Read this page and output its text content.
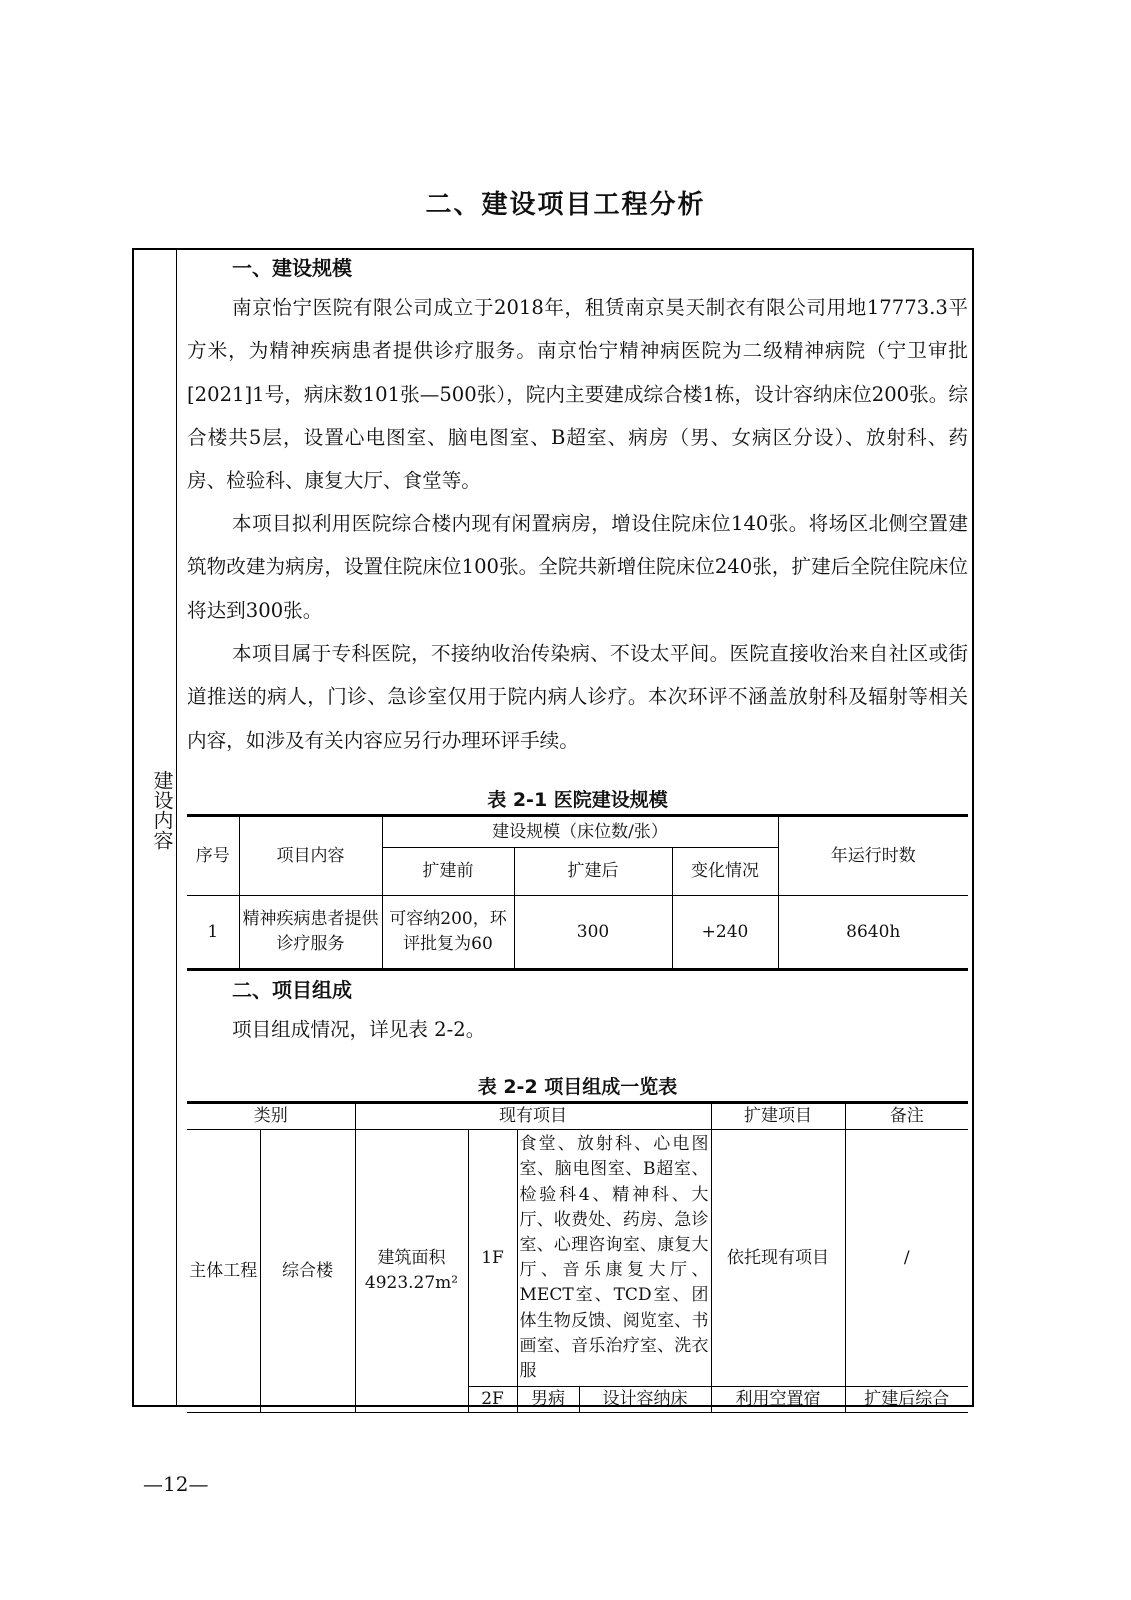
二、建设项目工程分析
建设内容
一、建设规模
南京怡宁医院有限公司成立于2018年，租赁南京昊天制衣有限公司用地17773.3平方米，为精神疾病患者提供诊疗服务。南京怡宁精神病医院为二级精神病院（宁卫审批[2021]1号，病床数101张—500张），院内主要建成综合楼1栋，设计容纳床位200张。综合楼共5层，设置心电图室、脑电图室、B超室、病房（男、女病区分设）、放射科、药房、检验科、康复大厅、食堂等。
本项目拟利用医院综合楼内现有闲置病房，增设住院床位140张。将场区北侧空置建筑物改建为病房，设置住院床位100张。全院共新增住院床位240张，扩建后全院住院床位将达到300张。
本项目属于专科医院，不接纳收治传染病、不设太平间。医院直接收治来自社区或街道推送的病人，门诊、急诊室仅用于院内病人诊疗。本次环评不涵盖放射科及辐射等相关内容，如涉及有关内容应另行办理环评手续。
表 2-1 医院建设规模
序号	项目内容	建设规模（床位数/张）			年运行时数
		扩建前	扩建后	变化情况	
1	精神疾病患者提供诊疗服务	可容纳200，环评批复为60	300	+240	8640h
二、项目组成
项目组成情况，详见表 2-2。
表 2-2 项目组成一览表
类别		现有项目				扩建项目	备注
主体工程	综合楼	建筑面积4923.27m²	1F	食堂、放射科、心电图室、脑电图室、B超室、检验科4、精神科、大厅、收费处、药房、急诊室、心理咨询室、康复大厅、音乐康复大厅、MECT室、TCD室、团体生物反馈、阅览室、书画室、音乐治疗室、洗衣服		依托现有项目	/
			2F	男病	设计容纳床	利用空置宿	扩建后综合
—12—
